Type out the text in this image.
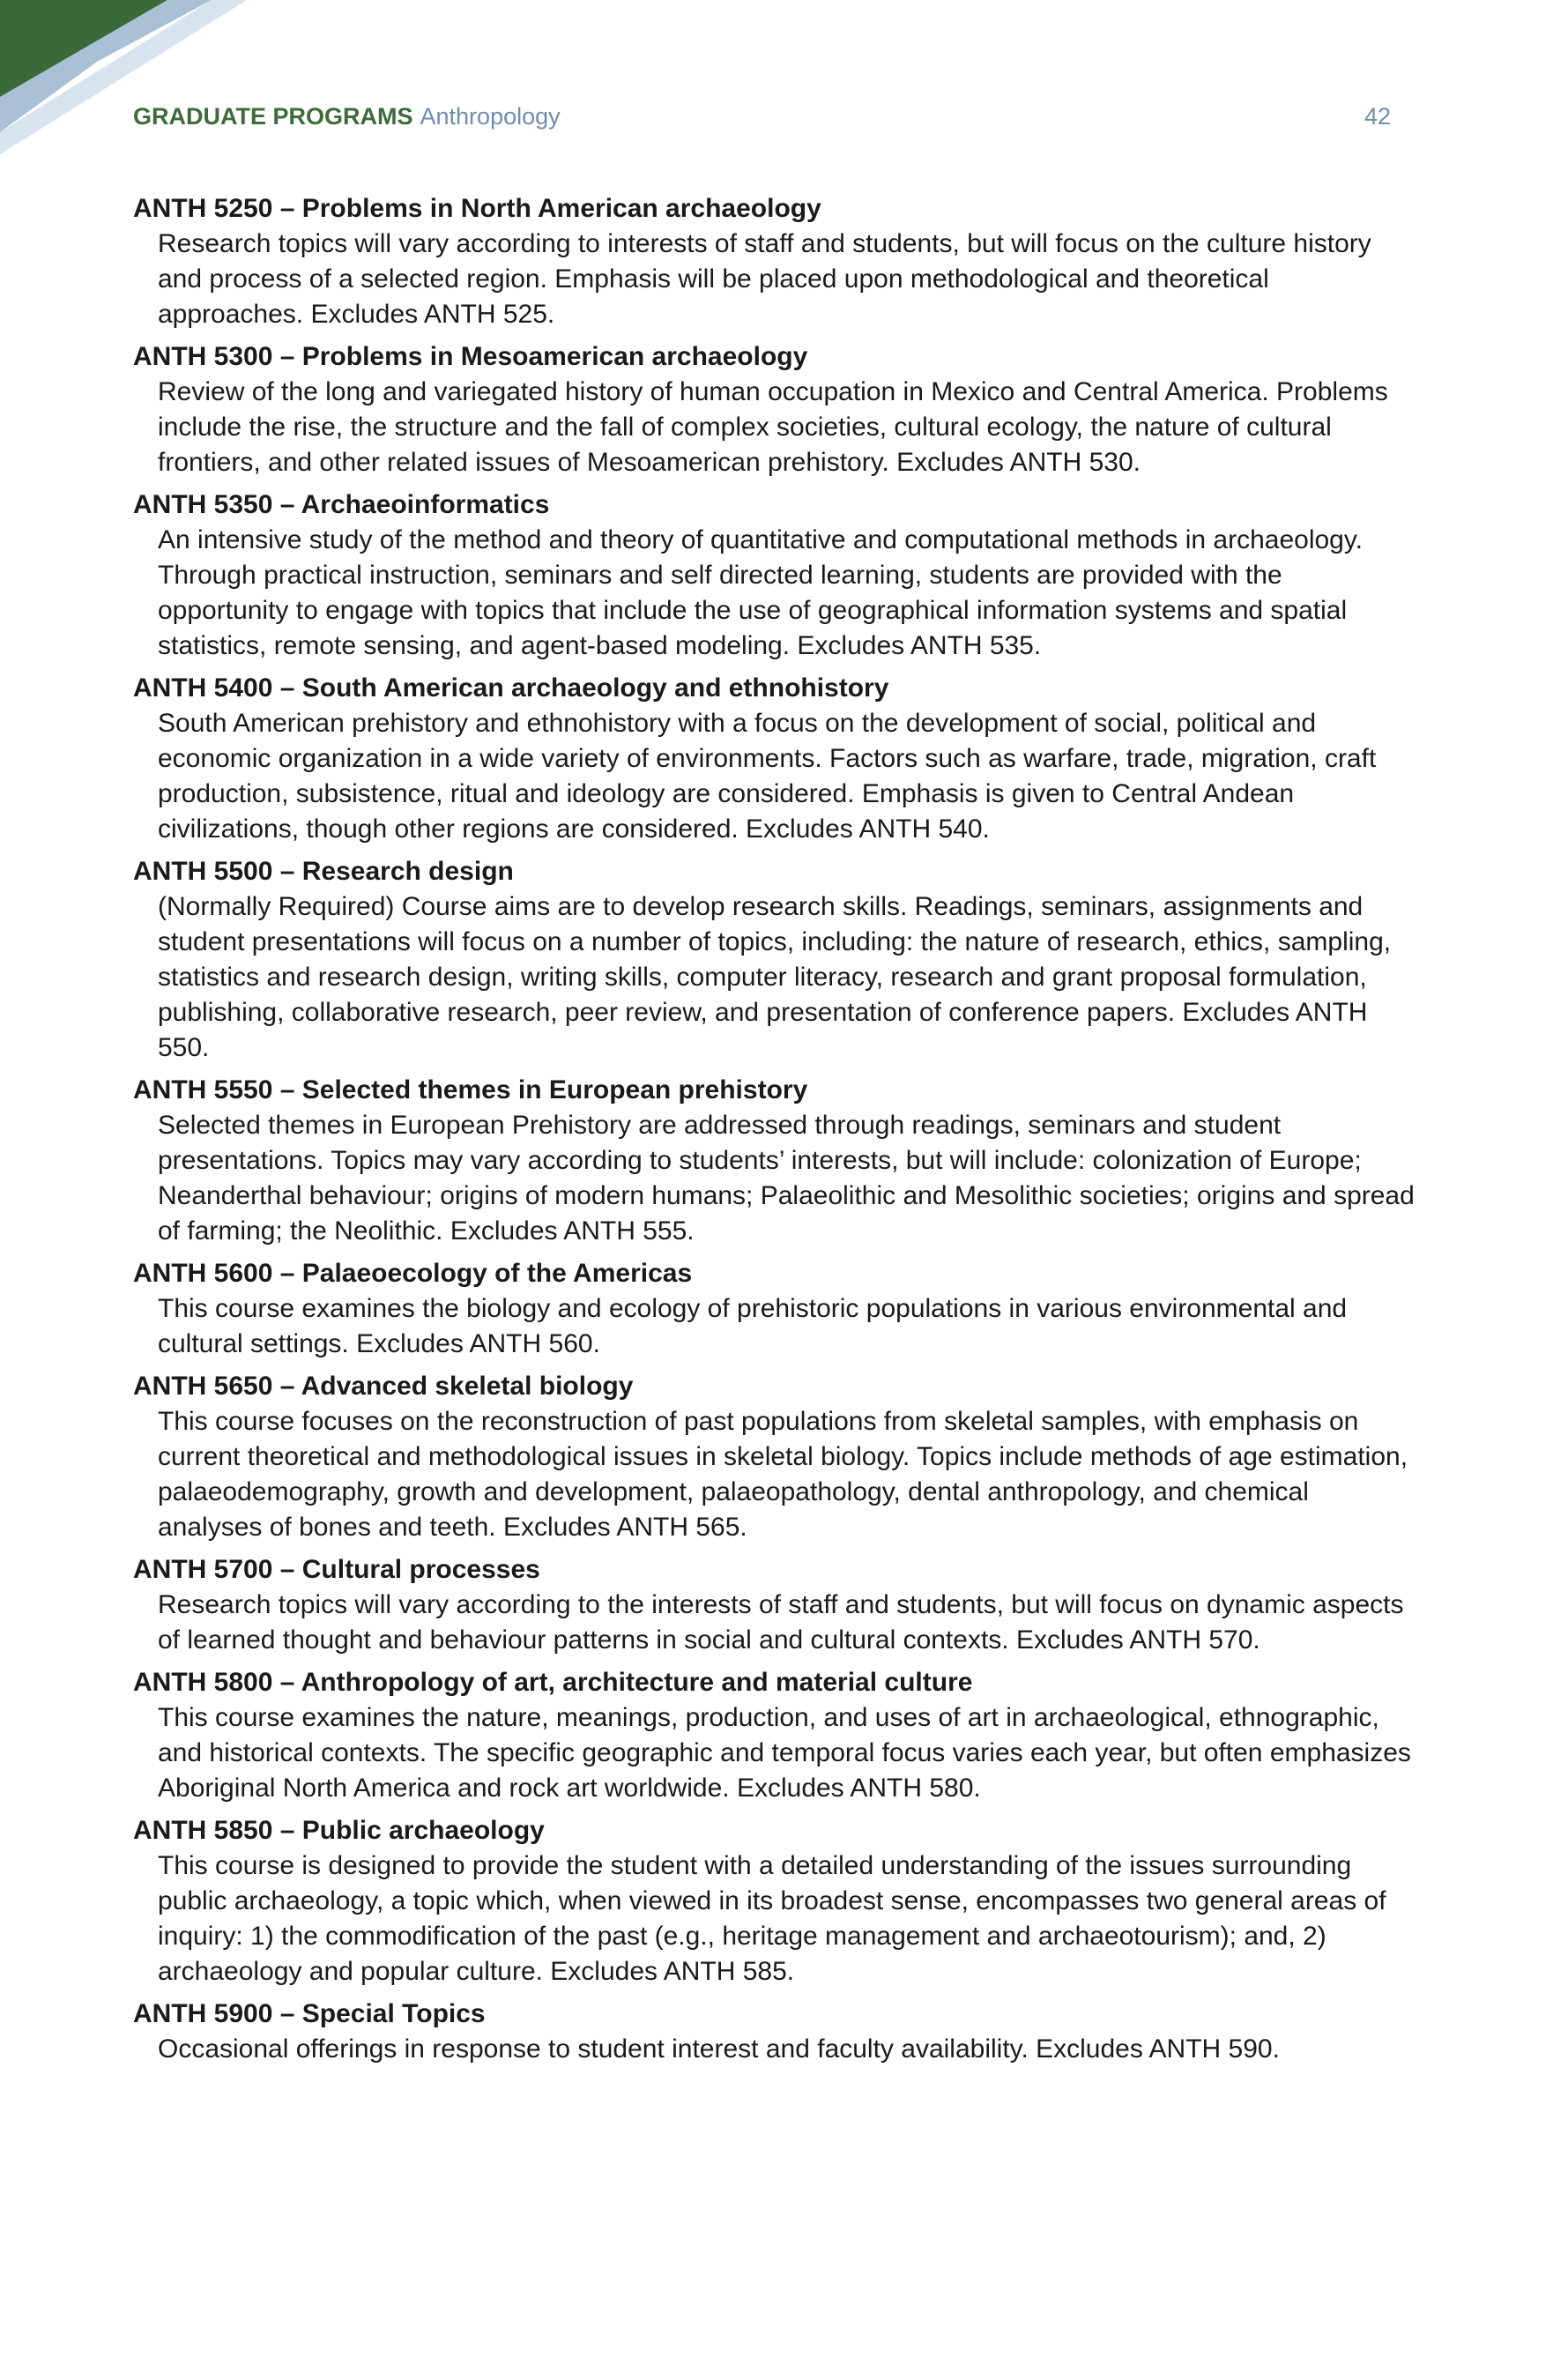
GRADUATE PROGRAMS Anthropology	42

ANTH 5250 – Problems in North American archaeology

Research topics will vary according to interests of staff and students, but will focus on the culture history and process of a selected region. Emphasis will be placed upon methodological and theoretical approaches. Excludes ANTH 525.

ANTH 5300 – Problems in Mesoamerican archaeology

Review of the long and variegated history of human occupation in Mexico and Central America. Problems include the rise, the structure and the fall of complex societies, cultural ecology, the nature of cultural frontiers, and other related issues of Mesoamerican prehistory. Excludes ANTH 530.

ANTH 5350 – Archaeoinformatics

An intensive study of the method and theory of quantitative and computational methods in archaeology. Through practical instruction, seminars and self directed learning, students are provided with the opportunity to engage with topics that include the use of geographical information systems and spatial statistics, remote sensing, and agent-based modeling. Excludes ANTH 535.

ANTH 5400 – South American archaeology and ethnohistory

South American prehistory and ethnohistory with a focus on the development of social, political and economic organization in a wide variety of environments. Factors such as warfare, trade, migration, craft production, subsistence, ritual and ideology are considered. Emphasis is given to Central Andean civilizations, though other regions are considered. Excludes ANTH 540.

ANTH 5500 – Research design

(Normally Required) Course aims are to develop research skills. Readings, seminars, assignments and student presentations will focus on a number of topics, including: the nature of research, ethics, sampling, statistics and research design, writing skills, computer literacy, research and grant proposal formulation, publishing, collaborative research, peer review, and presentation of conference papers. Excludes ANTH 550.

ANTH 5550 – Selected themes in European prehistory

Selected themes in European Prehistory are addressed through readings, seminars and student presentations. Topics may vary according to students’ interests, but will include: colonization of Europe; Neanderthal behaviour; origins of modern humans; Palaeolithic and Mesolithic societies; origins and spread of farming; the Neolithic. Excludes ANTH 555.

ANTH 5600 – Palaeoecology of the Americas

This course examines the biology and ecology of prehistoric populations in various environmental and cultural settings. Excludes ANTH 560.

ANTH 5650 – Advanced skeletal biology

This course focuses on the reconstruction of past populations from skeletal samples, with emphasis on current theoretical and methodological issues in skeletal biology. Topics include methods of age estimation, palaeodemography, growth and development, palaeopathology, dental anthropology, and chemical analyses of bones and teeth. Excludes ANTH 565.

ANTH 5700 – Cultural processes

Research topics will vary according to the interests of staff and students, but will focus on dynamic aspects of learned thought and behaviour patterns in social and cultural contexts. Excludes ANTH 570.

ANTH 5800 – Anthropology of art, architecture and material culture

This course examines the nature, meanings, production, and uses of art in archaeological, ethnographic, and historical contexts. The specific geographic and temporal focus varies each year, but often emphasizes Aboriginal North America and rock art worldwide. Excludes ANTH 580.

ANTH 5850 – Public archaeology

This course is designed to provide the student with a detailed understanding of the issues surrounding public archaeology, a topic which, when viewed in its broadest sense, encompasses two general areas of inquiry: 1) the commodification of the past (e.g., heritage management and archaeotourism); and, 2) archaeology and popular culture. Excludes ANTH 585.

ANTH 5900 – Special Topics

Occasional offerings in response to student interest and faculty availability. Excludes ANTH 590.
